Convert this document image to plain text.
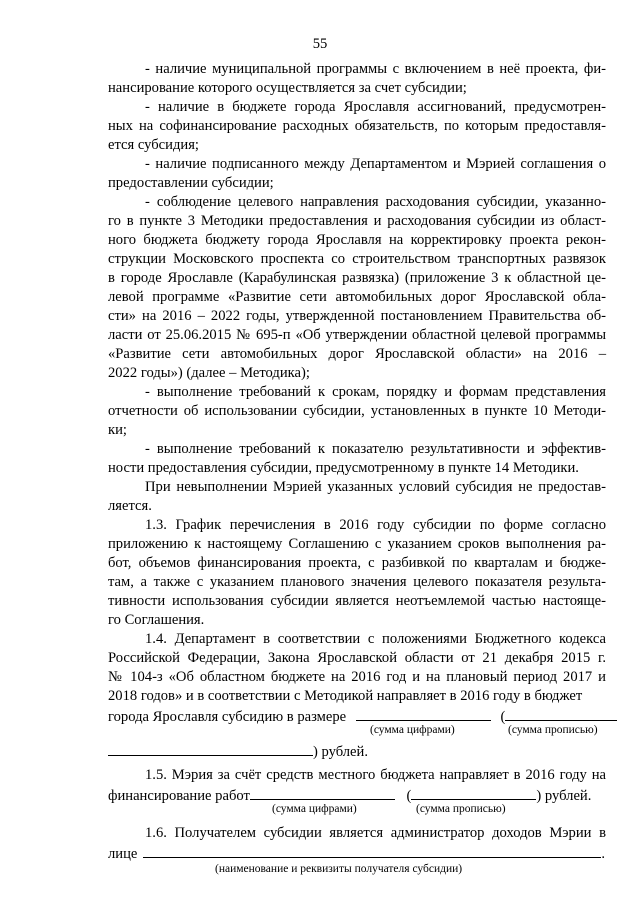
55
- наличие муниципальной программы с включением в неё проекта, фи-
нансирование которого осуществляется за счет субсидии;
- наличие в бюджете города Ярославля ассигнований, предусмотрен-
ных на софинансирование расходных обязательств, по которым предоставля-
ется субсидия;
- наличие подписанного между Департаментом и Мэрией соглашения о
предоставлении субсидии;
- соблюдение целевого направления расходования субсидии, указанно-
го в пункте 3 Методики предоставления и расходования субсидии из област-
ного бюджета бюджету города Ярославля на корректировку проекта рекон-
струкции Московского проспекта со строительством транспортных развязок
в городе Ярославле (Карабулинская развязка) (приложение 3 к областной це-
левой программе «Развитие сети автомобильных дорог Ярославской обла-
сти» на 2016 – 2022 годы, утвержденной постановлением Правительства об-
ласти от 25.06.2015 № 695-п «Об утверждении областной целевой программы
«Развитие сети автомобильных дорог Ярославской области» на 2016 –
2022 годы») (далее – Методика);
- выполнение требований к срокам, порядку и формам представления
отчетности об использовании субсидии, установленных в пункте 10 Методи-
ки;
- выполнение требований к показателю результативности и эффектив-
ности предоставления субсидии, предусмотренному в пункте 14 Методики.
При невыполнении Мэрией указанных условий субсидия не предостав-
ляется.
1.3. График перечисления в 2016 году субсидии по форме согласно
приложению к настоящему Соглашению с указанием сроков выполнения ра-
бот, объемов финансирования проекта, с разбивкой по кварталам и бюдже-
там, а также с указанием планового значения целевого показателя результа-
тивности использования субсидии является неотъемлемой частью настояще-
го Соглашения.
1.4. Департамент в соответствии с положениями Бюджетного кодекса
Российской Федерации, Закона Ярославской области от 21 декабря 2015 г.
№ 104-з «Об областном бюджете на 2016 год и на плановый период 2017 и
2018 годов» и в соответствии с Методикой направляет в 2016 году в бюджет
города Ярославля субсидию в размере	(
(сумма цифрами)	(сумма прописью)
) рублей.
1.5. Мэрия за счёт средств местного бюджета направляет в 2016 году на
финансирование работ	(	) рублей.
(сумма цифрами)	(сумма прописью)
1.6. Получателем субсидии является администратор доходов Мэрии в
лице	.
(наименование и реквизиты получателя субсидии)
